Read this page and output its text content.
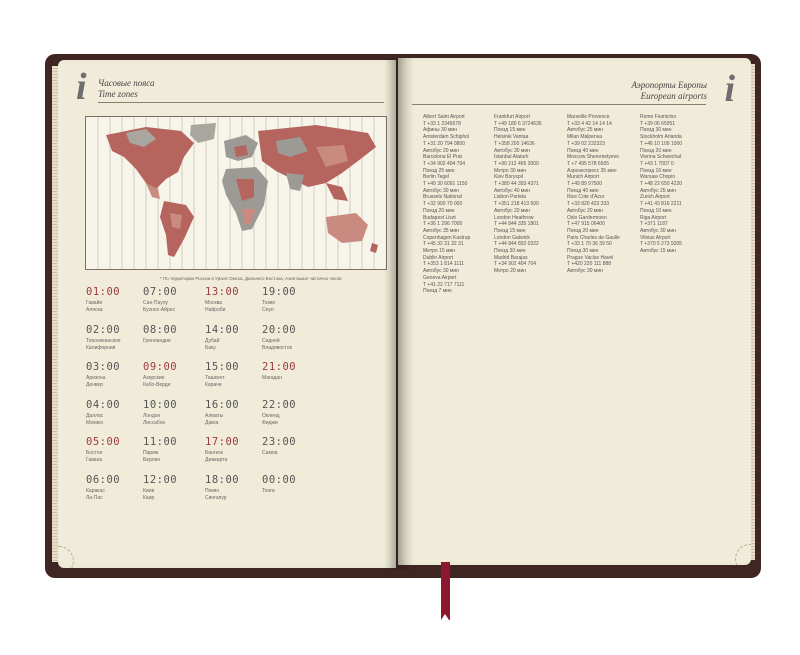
i Часовые пояса
Time zones
* По территории России в Урале Омска, Дальнего Востока, Азия выше частично часов
01:00
Гавайи
Аляска
02:00
Тихоокеанское
Калифорния
03:00
Аризона
Денвер
04:00
Даллас
Мехико
05:00
Бостон
Гавана
06:00
Каракас
Ла-Пас
07:00
Сан-Паулу
Буэнос-Айрес
08:00
Гренландия
09:00
Азорские
Кабо-Верде
10:00
Лондон
Лиссабон
11:00
Париж
Берлин
12:00
Киев
Каир
13:00
Москва
Найроби
14:00
Дубай
Баку
15:00
Ташкент
Карачи
16:00
Алматы
Дакка
17:00
Бангкок
Джакарта
18:00
Пекин
Сингапур
19:00
Токио
Сеул
20:00
Сидней
Владивосток
21:00
Магадан
22:00
Окленд
Фиджи
23:00
Самоа
00:00
Тонга
Аэропорты Европы
European airports i
Albert Saint Airport
T +33 1 2345678
Афины 30 мин
Amsterdam Schiphol
T +31 20 794 0800
Автобус 20 мин
Barcelona El Prat
T +34 902 404 704
Поезд 25 мин
Berlin Tegel
T +49 30 6091 1150
Автобус 30 мин
Brussels National
T +32 900 70 000
Поезд 20 мин
Budapest Liszt
T +36 1 296 7000
Автобус 35 мин
Copenhagen Kastrup
T +45 32 31 32 31
Метро 15 мин
Dublin Airport
T +353 1 814 1111
Автобус 30 мин
Geneva Airport
T +41 22 717 7111
Поезд 7 мин
Frankfurt Airport
T +49 180 6 3724636
Поезд 15 мин
Helsinki Vantaa
T +358 200 14636
Автобус 30 мин
Istanbul Ataturk
T +90 212 465 3000
Метро 30 мин
Kiev Boryspil
T +380 44 393 4371
Автобус 40 мин
Lisbon Portela
T +351 218 413 500
Автобус 20 мин
London Heathrow
T +44 844 335 1801
Поезд 15 мин
London Gatwick
T +44 844 892 0322
Поезд 30 мин
Madrid Barajas
T +34 902 404 704
Метро 20 мин
Marseille Provence
T +33 4 42 14 14 14
Автобус 25 мин
Milan Malpensa
T +39 02 232323
Поезд 40 мин
Moscow Sheremetyevo
T +7 495 578 6565
Аэроэкспресс 35 мин
Munich Airport
T +49 89 97500
Поезд 40 мин
Nice Cote d'Azur
T +33 820 423 333
Автобус 20 мин
Oslo Gardermoen
T +47 915 06400
Поезд 20 мин
Paris Charles de Gaulle
T +33 1 70 36 39 50
Поезд 30 мин
Prague Vaclav Havel
T +420 220 111 888
Автобус 30 мин
Rome Fiumicino
T +39 06 65951
Поезд 30 мин
Stockholm Arlanda
T +46 10 109 1000
Поезд 20 мин
Vienna Schwechat
T +43 1 7007 0
Поезд 16 мин
Warsaw Chopin
T +48 22 650 4220
Автобус 25 мин
Zurich Airport
T +41 43 816 2211
Поезд 10 мин
Riga Airport
T +371 1187
Автобус 30 мин
Vilnius Airport
T +370 5 273 9305
Автобус 15 мин
